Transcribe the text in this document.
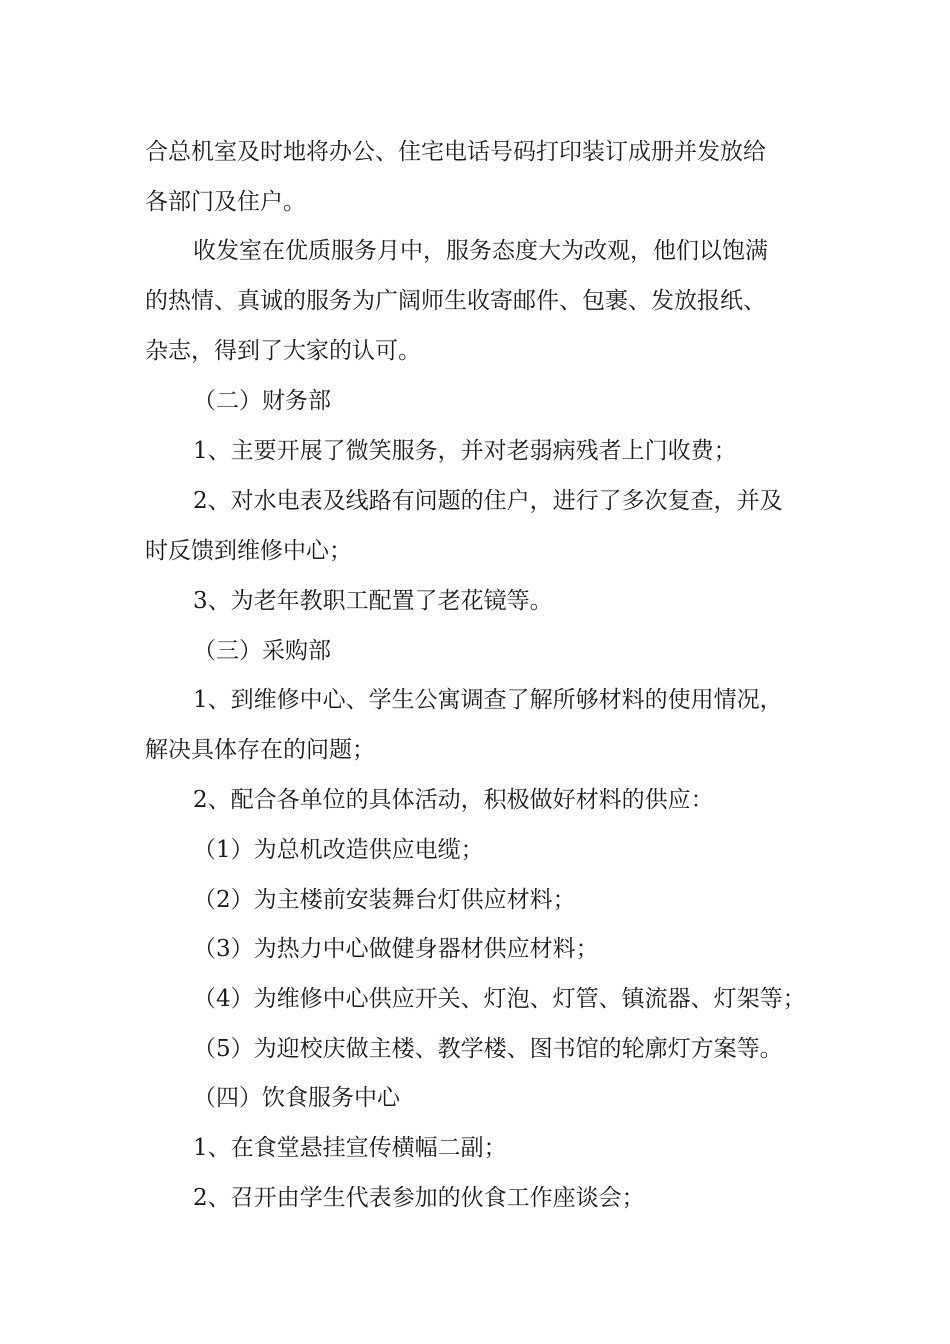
合总机室及时地将办公、住宅电话号码打印装订成册并发放给
各部门及住户。
收发室在优质服务月中，服务态度大为改观，他们以饱满
的热情、真诚的服务为广阔师生收寄邮件、包裹、发放报纸、
杂志，得到了大家的认可。
（二）财务部
1、主要开展了微笑服务，并对老弱病残者上门收费；
2、对水电表及线路有问题的住户，进行了多次复查，并及
时反馈到维修中心；
3、为老年教职工配置了老花镜等。
（三）采购部
1、到维修中心、学生公寓调查了解所够材料的使用情况，
解决具体存在的问题；
2、配合各单位的具体活动，积极做好材料的供应：
（1）为总机改造供应电缆；
（2）为主楼前安装舞台灯供应材料；
（3）为热力中心做健身器材供应材料；
（4）为维修中心供应开关、灯泡、灯管、镇流器、灯架等；
（5）为迎校庆做主楼、教学楼、图书馆的轮廓灯方案等。
（四）饮食服务中心
1、在食堂悬挂宣传横幅二副；
2、召开由学生代表参加的伙食工作座谈会；
